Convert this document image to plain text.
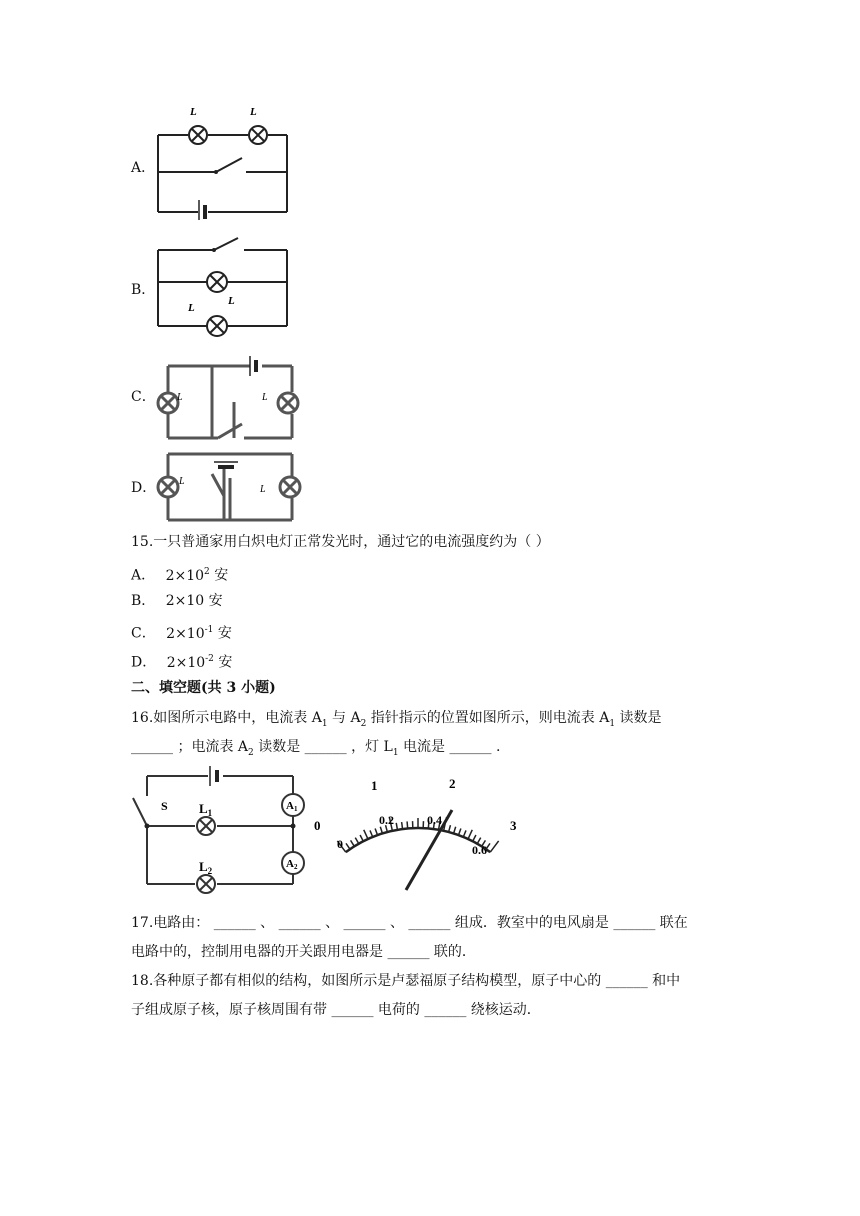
A．
L	L
B．
L
L
C． L	L
D． L
L
15.一只普通家用白炽电灯正常发光时，通过它的电流强度约为（ ）
A． $2\times 10^2$ 安
B． 2×10 安
C． $2\times 10^{-1}$ 安
D． $2\times 10^{-2}$ 安
二、填空题(共 3 小题)
16.如图所示电路中，电流表 $A_1$ 与 $A_2$ 指针指示的位置如图所示，则电流表 $A_1$ 读数是
______ ；电流表 $A_2$ 读数是 ______ ，灯 $L_1$ 电流是 ______ .
S $L_1$
$L_2$
A1
A2
0
0
1	2
3
0.2	0.4
0.6
17.电路由： ______ 、 ______ 、 ______ 、 ______ 组成．教室中的电风扇是 ______ 联在
电路中的，控制用电器的开关跟用电器是 ______ 联的．
18.各种原子都有相似的结构，如图所示是卢瑟福原子结构模型，原子中心的 ______ 和中
子组成原子核，原子核周围有带 ______ 电荷的 ______ 绕核运动．
